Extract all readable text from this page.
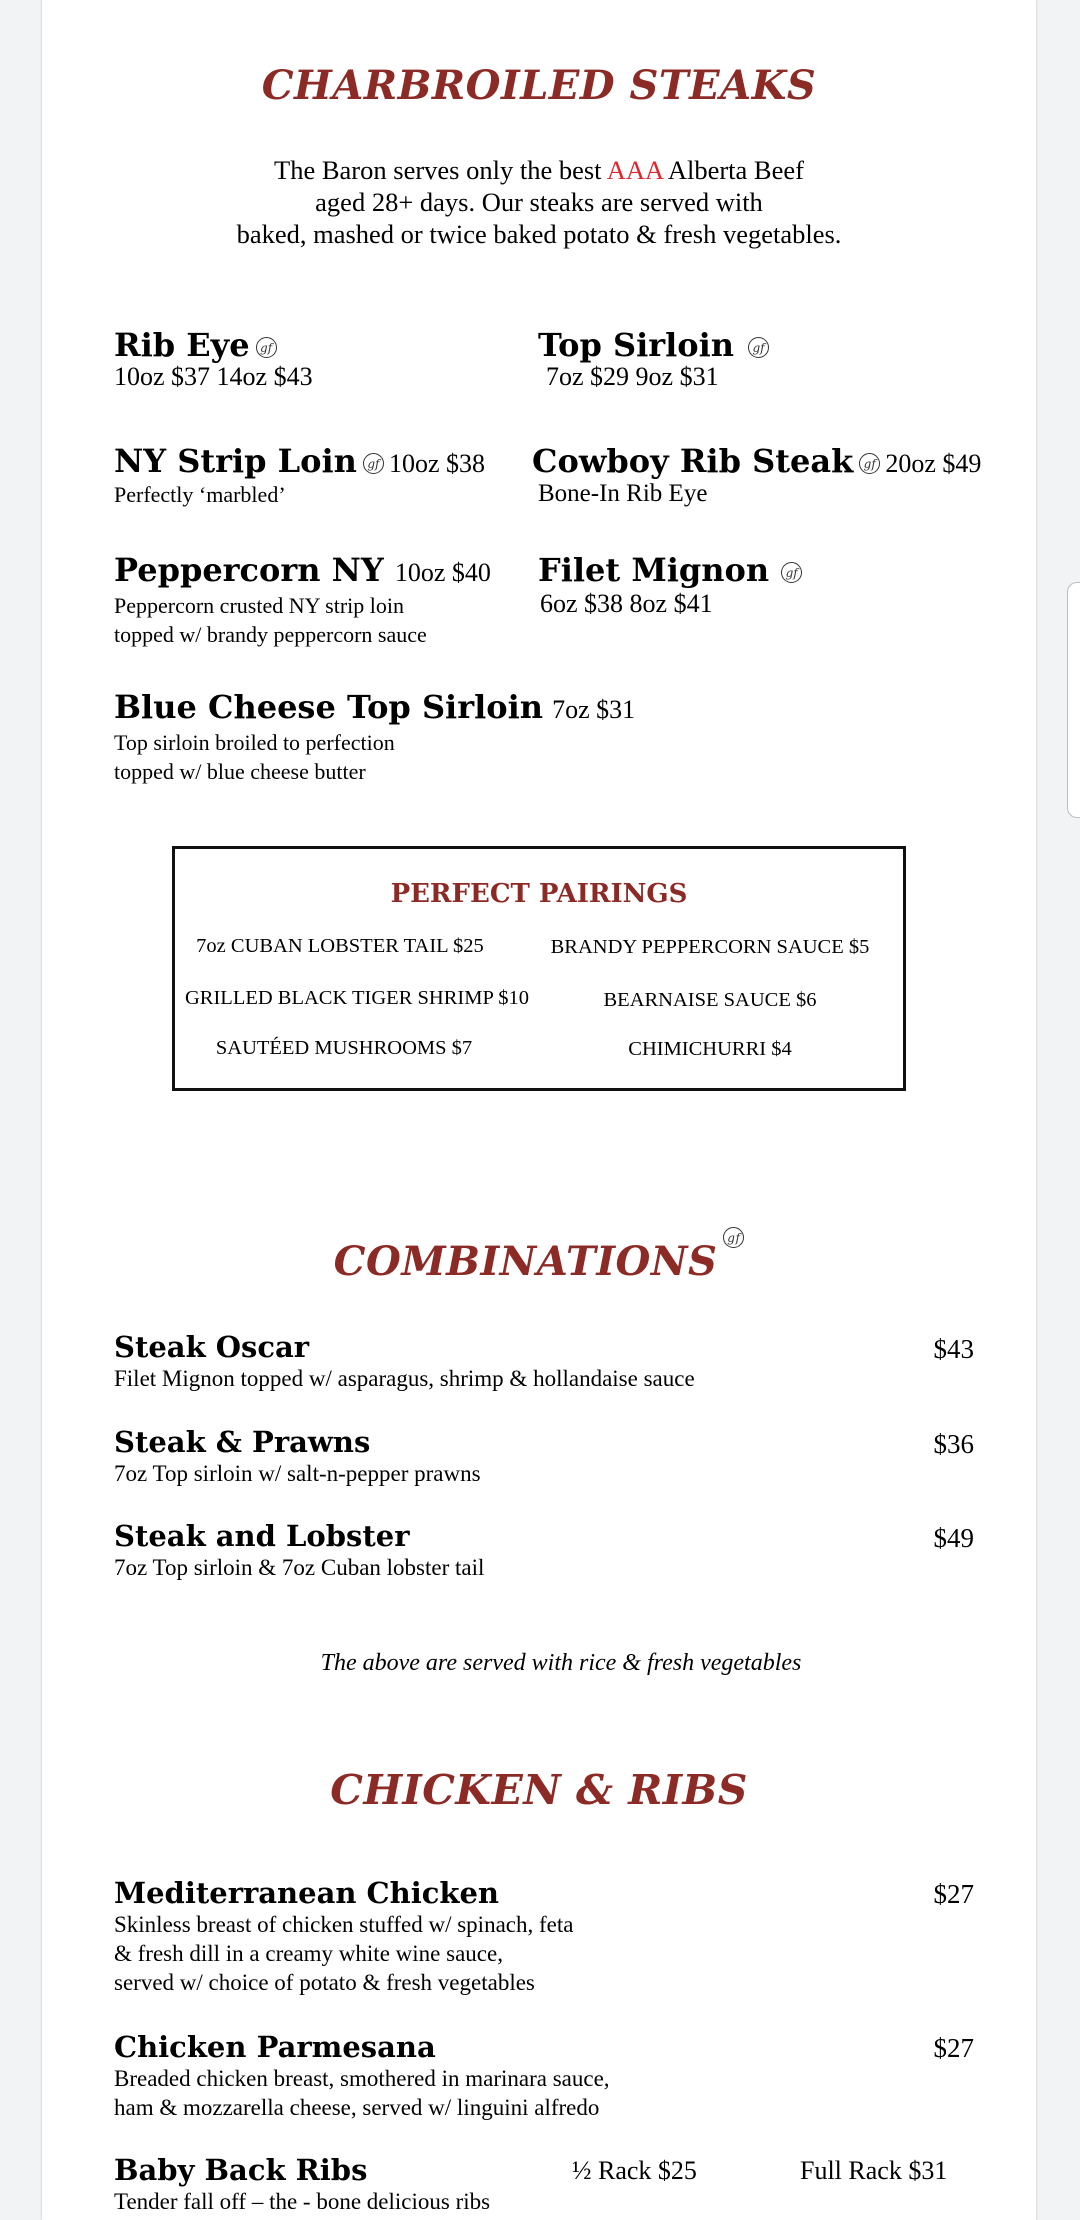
CHARBROILED STEAKS
The Baron serves only the best AAA Alberta Beef
aged 28+ days. Our steaks are served with
baked, mashed or twice baked potato & fresh vegetables.
Rib Eye gf
10oz $37 14oz $43
Top Sirloin gf
7oz $29 9oz $31
NY Strip Loin gf 10oz $38
Perfectly ‘marbled’
Cowboy Rib Steak gf 20oz $49
Bone-In Rib Eye
Peppercorn NY 10oz $40
Peppercorn crusted NY strip loin
topped w/ brandy peppercorn sauce
Filet Mignon gf
6oz $38 8oz $41
Blue Cheese Top Sirloin 7oz $31
Top sirloin broiled to perfection
topped w/ blue cheese butter
PERFECT PAIRINGS
7oz CUBAN LOBSTER TAIL $25	BRANDY PEPPERCORN SAUCE $5
GRILLED BLACK TIGER SHRIMP $10	BEARNAISE SAUCE $6
SAUTÉED MUSHROOMS $7	CHIMICHURRI $4
COMBINATIONSgf
Steak Oscar
Filet Mignon topped w/ asparagus, shrimp & hollandaise sauce
$43
Steak & Prawns
7oz Top sirloin w/ salt-n-pepper prawns
$36
Steak and Lobster
7oz Top sirloin & 7oz Cuban lobster tail
$49
The above are served with rice & fresh vegetables
CHICKEN & RIBS
Mediterranean Chicken
Skinless breast of chicken stuffed w/ spinach, feta
& fresh dill in a creamy white wine sauce,
served w/ choice of potato & fresh vegetables
$27
Chicken Parmesana
Breaded chicken breast, smothered in marinara sauce,
ham & mozzarella cheese, served w/ linguini alfredo
$27
Baby Back Ribs
Tender fall off – the - bone delicious ribs
½ Rack $25	Full Rack $31
